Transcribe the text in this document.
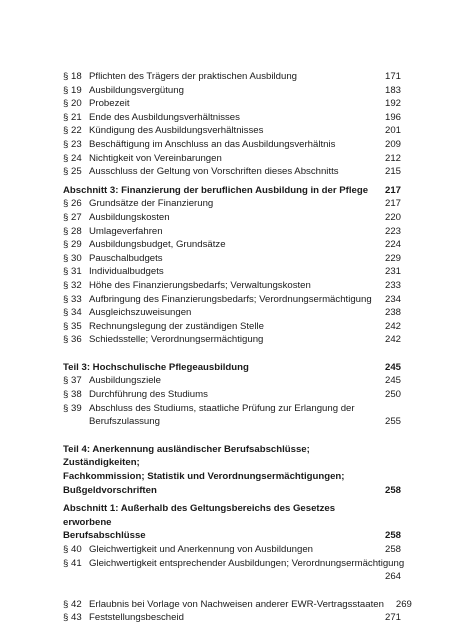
§ 18 Pflichten des Trägers der praktischen Ausbildung	171
§ 19 Ausbildungsvergütung	183
§ 20 Probezeit	192
§ 21 Ende des Ausbildungsverhältnisses	196
§ 22 Kündigung des Ausbildungsverhältnisses	201
§ 23 Beschäftigung im Anschluss an das Ausbildungsverhältnis	209
§ 24 Nichtigkeit von Vereinbarungen	212
§ 25 Ausschluss der Geltung von Vorschriften dieses Abschnitts	215
Abschnitt 3: Finanzierung der beruflichen Ausbildung in der Pflege	217
§ 26 Grundsätze der Finanzierung	217
§ 27 Ausbildungskosten	220
§ 28 Umlageverfahren	223
§ 29 Ausbildungsbudget, Grundsätze	224
§ 30 Pauschalbudgets	229
§ 31 Individualbudgets	231
§ 32 Höhe des Finanzierungsbedarfs; Verwaltungskosten	233
§ 33 Aufbringung des Finanzierungsbedarfs; Verordnungsermächtigung	234
§ 34 Ausgleichszuweisungen	238
§ 35 Rechnungslegung der zuständigen Stelle	242
§ 36 Schiedsstelle; Verordnungsermächtigung	242
Teil 3: Hochschulische Pflegeausbildung	245
§ 37 Ausbildungsziele	245
§ 38 Durchführung des Studiums	250
§ 39 Abschluss des Studiums, staatliche Prüfung zur Erlangung der
Berufszulassung	255
Teil 4: Anerkennung ausländischer Berufsabschlüsse; Zuständigkeiten;
Fachkommission; Statistik und Verordnungsermächtigungen;
Bußgeldvorschriften	258
Abschnitt 1: Außerhalb des Geltungsbereichs des Gesetzes erworbene
Berufsabschlüsse	258
§ 40 Gleichwertigkeit und Anerkennung von Ausbildungen	258
§ 41 Gleichwertigkeit entsprechender Ausbildungen; Verordnungsermächtigung
264
§ 42 Erlaubnis bei Vorlage von Nachweisen anderer EWR-Vertragsstaaten	269
§ 43 Feststellungsbescheid	271
